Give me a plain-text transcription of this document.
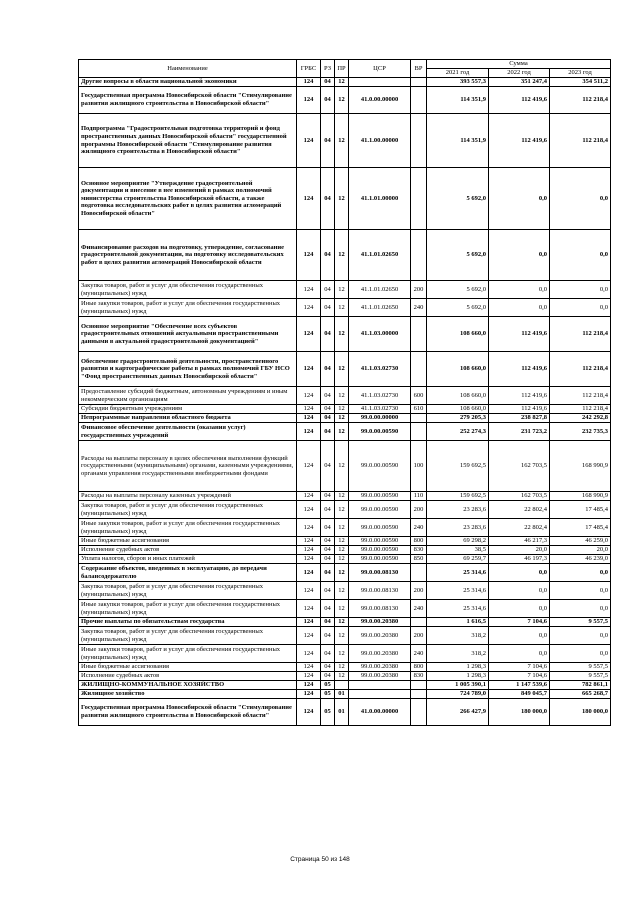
Наименование	ГРБС	РЗ	ПР	ЦСР	ВР	Сумма		
						2021 год	2022 год	2023 год
Другие вопросы в области национальной экономики	124	04	12			393 557,3	351 247,4	354 511,2
Государственная программа Новосибирской области "Стимулирование развития жилищного строительства в Новосибирской области"	124	04	12	41.0.00.00000		114 351,9	112 419,6	112 218,4
Подпрограмма "Градостроительная подготовка территорий и фонд пространственных данных Новосибирской области" государственной программы Новосибирской области "Стимулирование развития жилищного строительства в Новосибирской области"	124	04	12	41.1.00.00000		114 351,9	112 419,6	112 218,4
Основное мероприятие "Утверждение градостроительной документации и внесение в нее изменений в рамках полномочий министерства строительства Новосибирской области, а также подготовка исследовательских работ в целях развития агломераций Новосибирской области"	124	04	12	41.1.01.00000		5 692,0	0,0	0,0
Финансирование расходов на подготовку, утверждение, согласование градостроительной документации, на подготовку исследовательских работ в целях развития агломераций Новосибирской области	124	04	12	41.1.01.02650		5 692,0	0,0	0,0
Закупка товаров, работ и услуг для обеспечения государственных (муниципальных) нужд	124	04	12	41.1.01.02650	200	5 692,0	0,0	0,0
Иные закупки товаров, работ и услуг для обеспечения государственных (муниципальных) нужд	124	04	12	41.1.01.02650	240	5 692,0	0,0	0,0
Основное мероприятие "Обеспечение всех субъектов градостроительных отношений актуальными пространственными данными в актуальной градостроительной документацией"	124	04	12	41.1.03.00000		108 660,0	112 419,6	112 218,4
Обеспечение градостроительной деятельности, пространственного развития и картографические работы в рамках полномочий ГБУ НСО "Фонд пространственных данных Новосибирской области"	124	04	12	41.1.03.02730		108 660,0	112 419,6	112 218,4
Предоставление субсидий бюджетным, автономным учреждениям и иным некоммерческим организациям	124	04	12	41.1.03.02730	600	108 660,0	112 419,6	112 218,4
Субсидии бюджетным учреждениям	124	04	12	41.1.03.02730	610	108 660,0	112 419,6	112 218,4
Непрограммные направления областного бюджета	124	04	12	99.0.00.00000		279 205,3	238 827,8	242 292,8
Финансовое обеспечение деятельности (оказания услуг) государственных учреждений	124	04	12	99.0.00.00590		252 274,3	231 723,2	232 735,3
Расходы на выплаты персоналу в целях обеспечения выполнения функций государственными (муниципальными) органами, казенными учреждениями, органами управления государственными внебюджетными фондами	124	04	12	99.0.00.00590	100	159 692,5	162 703,5	168 990,9
Расходы на выплаты персоналу казенных учреждений	124	04	12	99.0.00.00590	110	159 692,5	162 703,5	168 990,9
Закупка товаров, работ и услуг для обеспечения государственных (муниципальных) нужд	124	04	12	99.0.00.00590	200	23 283,6	22 802,4	17 485,4
Иные закупки товаров, работ и услуг для обеспечения государственных (муниципальных) нужд	124	04	12	99.0.00.00590	240	23 283,6	22 802,4	17 485,4
Иные бюджетные ассигнования	124	04	12	99.0.00.00590	800	69 298,2	46 217,3	46 259,0
Исполнение судебных актов	124	04	12	99.0.00.00590	830	38,5	20,0	20,0
Уплата налогов, сборов и иных платежей	124	04	12	99.0.00.00590	850	69 259,7	46 197,3	46 239,0
Содержание объектов, введенных в эксплуатацию, до передачи балансодержателю	124	04	12	99.0.00.08130		25 314,6	0,0	0,0
Закупка товаров, работ и услуг для обеспечения государственных (муниципальных) нужд	124	04	12	99.0.00.08130	200	25 314,6	0,0	0,0
Иные закупки товаров, работ и услуг для обеспечения государственных (муниципальных) нужд	124	04	12	99.0.00.08130	240	25 314,6	0,0	0,0
Прочие выплаты по обязательствам государства	124	04	12	99.0.00.20380		1 616,5	7 104,6	9 557,5
Закупка товаров, работ и услуг для обеспечения государственных (муниципальных) нужд	124	04	12	99.0.00.20380	200	318,2	0,0	0,0
Иные закупки товаров, работ и услуг для обеспечения государственных (муниципальных) нужд	124	04	12	99.0.00.20380	240	318,2	0,0	0,0
Иные бюджетные ассигнования	124	04	12	99.0.00.20380	800	1 298,3	7 104,6	9 557,5
Исполнение судебных актов	124	04	12	99.0.00.20380	830	1 298,3	7 104,6	9 557,5
ЖИЛИЩНО-КОММУНАЛЬНОЕ ХОЗЯЙСТВО	124	05				1 005 390,1	1 147 539,6	782 861,1
Жилищное хозяйство	124	05	01			724 789,0	849 045,7	665 268,7
Государственная программа Новосибирской области "Стимулирование развития жилищного строительства в Новосибирской области"	124	05	01	41.0.00.00000		266 427,9	180 000,0	180 000,0
Страница 50 из 148
